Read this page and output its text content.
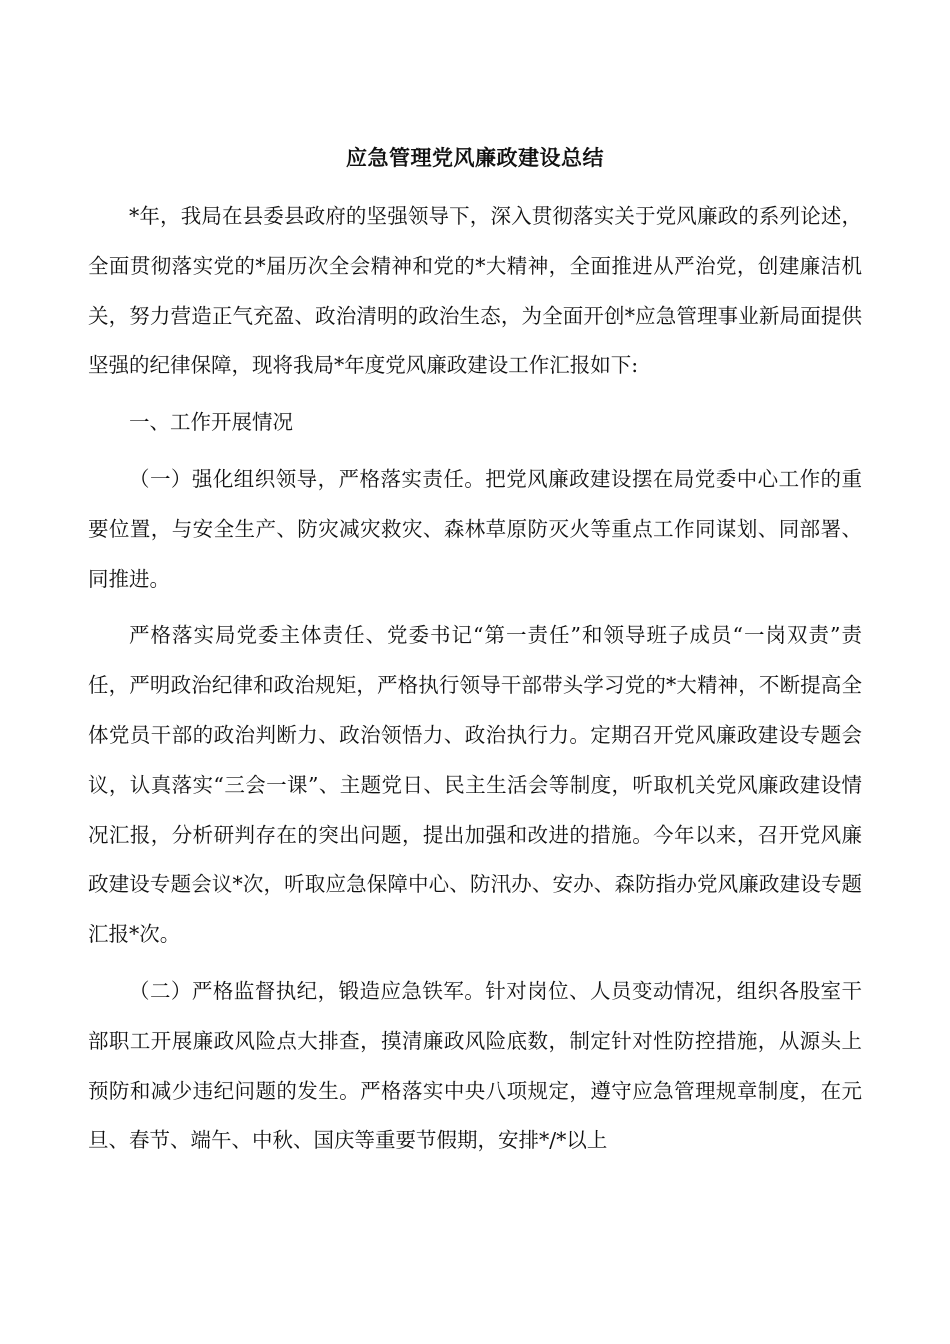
应急管理党风廉政建设总结

*年，我局在县委县政府的坚强领导下，深入贯彻落实关于党风廉政的系列论述，全面贯彻落实党的*届历次全会精神和党的*大精神，全面推进从严治党，创建廉洁机关，努力营造正气充盈、政治清明的政治生态，为全面开创*应急管理事业新局面提供坚强的纪律保障，现将我局*年度党风廉政建设工作汇报如下:

一、工作开展情况

（一）强化组织领导，严格落实责任。把党风廉政建设摆在局党委中心工作的重要位置，与安全生产、防灾减灾救灾、森林草原防灭火等重点工作同谋划、同部署、同推进。

严格落实局党委主体责任、党委书记“第一责任”和领导班子成员“一岗双责”责任，严明政治纪律和政治规矩，严格执行领导干部带头学习党的*大精神，不断提高全体党员干部的政治判断力、政治领悟力、政治执行力。定期召开党风廉政建设专题会议，认真落实“三会一课”、主题党日、民主生活会等制度，听取机关党风廉政建设情况汇报，分析研判存在的突出问题，提出加强和改进的措施。今年以来，召开党风廉政建设专题会议*次，听取应急保障中心、防汛办、安办、森防指办党风廉政建设专题汇报*次。

（二）严格监督执纪，锻造应急铁军。针对岗位、人员变动情况，组织各股室干部职工开展廉政风险点大排查，摸清廉政风险底数，制定针对性防控措施，从源头上预防和减少违纪问题的发生。严格落实中央八项规定，遵守应急管理规章制度，在元旦、春节、端午、中秋、国庆等重要节假期，安排*/*以上
